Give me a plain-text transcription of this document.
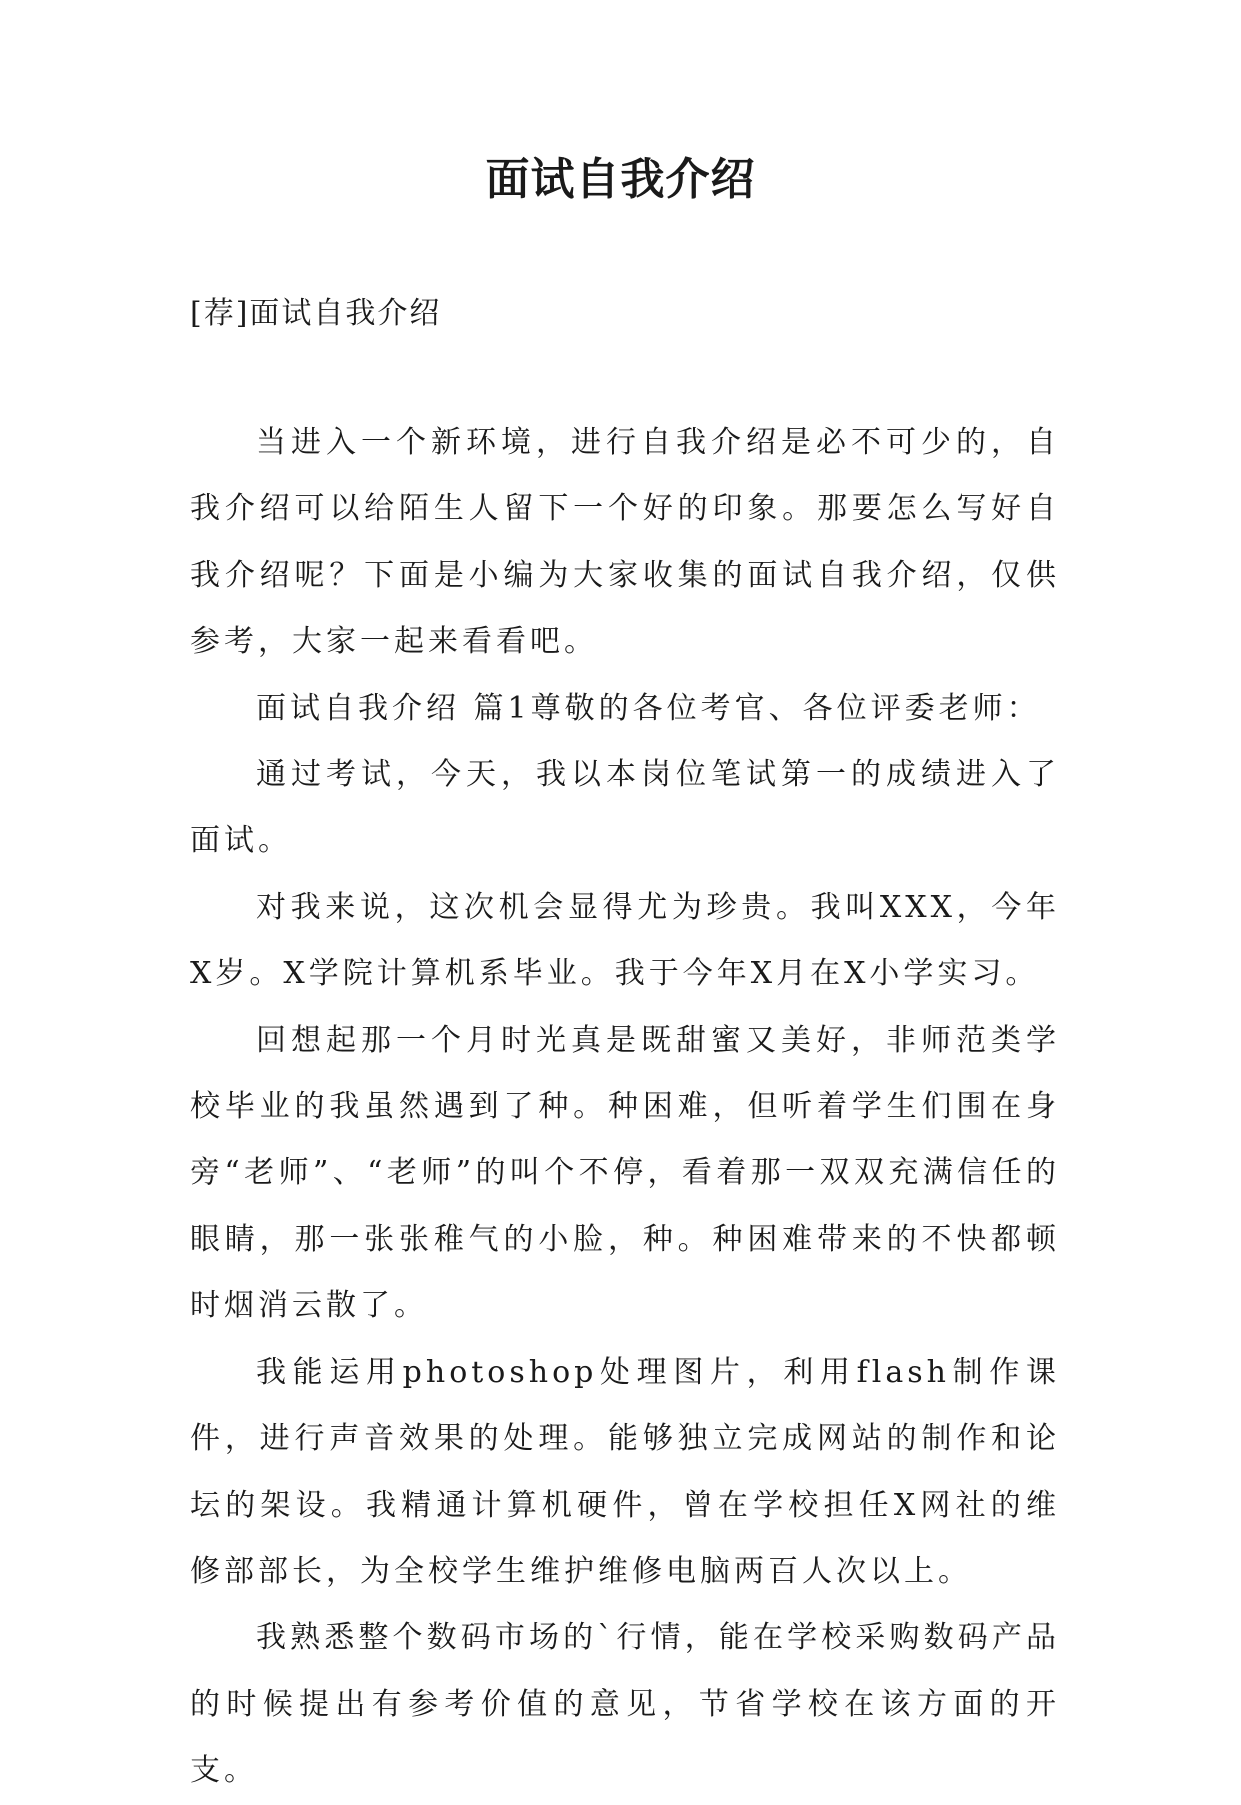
面试自我介绍
[荐]面试自我介绍

当进入一个新环境，进行自我介绍是必不可少的，自我介绍可以给陌生人留下一个好的印象。那要怎么写好自我介绍呢？下面是小编为大家收集的面试自我介绍，仅供参考，大家一起来看看吧。

面试自我介绍 篇1尊敬的各位考官、各位评委老师：

通过考试，今天，我以本岗位笔试第一的成绩进入了面试。

对我来说，这次机会显得尤为珍贵。我叫XXX，今年X岁。X学院计算机系毕业。我于今年X月在X小学实习。

回想起那一个月时光真是既甜蜜又美好，非师范类学校毕业的我虽然遇到了种。种困难，但听着学生们围在身旁“老师”、“老师”的叫个不停，看着那一双双充满信任的眼睛，那一张张稚气的小脸，种。种困难带来的不快都顿时烟消云散了。

我能运用photoshop处理图片，利用flash制作课件，进行声音效果的处理。能够独立完成网站的制作和论坛的架设。我精通计算机硬件，曾在学校担任X网社的维修部部长，为全校学生维护维修电脑两百人次以上。

我熟悉整个数码市场的`行情，能在学校采购数码产品的时候提出有参考价值的意见，节省学校在该方面的开支。
